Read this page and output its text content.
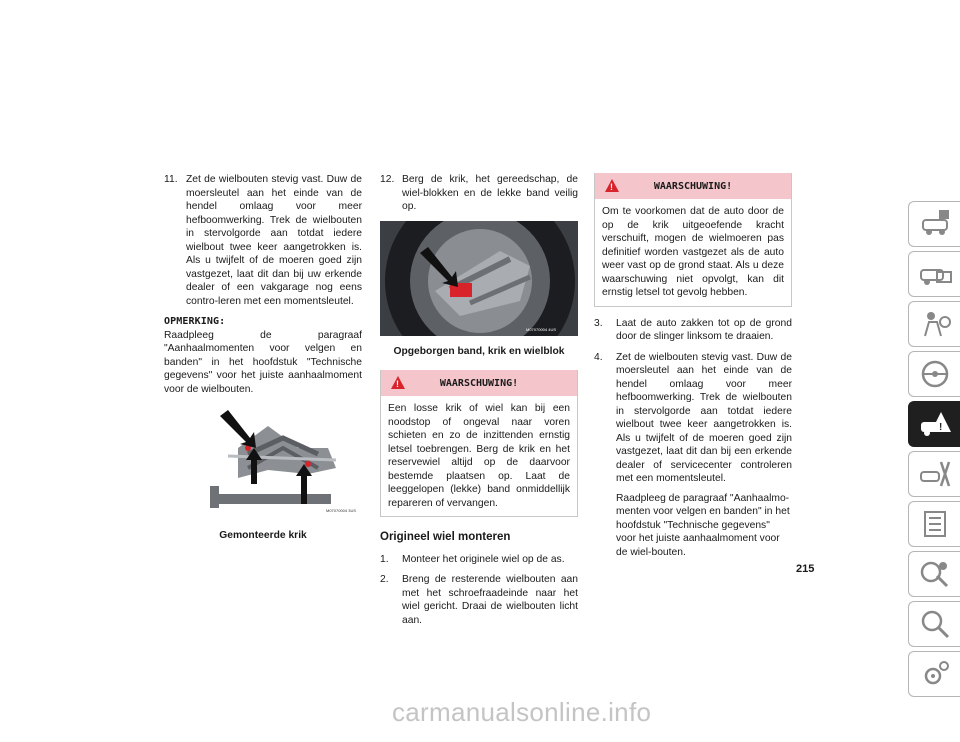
11. Zet de wielbouten stevig vast. Duw de moersleutel aan het einde van de hendel omlaag voor meer hefboomwerking. Trek de wielbouten in stervolgorde aan totdat iedere wielbout twee keer aangetrokken is. Als u twijfelt of de moeren goed zijn vastgezet, laat dit dan bij uw erkende dealer of een vakgarage nog eens contro-leren met een momentsleutel.
OPMERKING:
Raadpleeg de paragraaf "Aanhaalmomenten voor velgen en banden" in het hoofdstuk "Technische gegevens" voor het juiste aanhaalmoment voor de wielbouten.
M07070004 3US
Gemonteerde krik
12. Berg de krik, het gereedschap, de wiel-blokken en de lekke band veilig op.
M07070004 4US
Opgeborgen band, krik en wielblok
!	WAARSCHUWING!
Een losse krik of wiel kan bij een noodstop of ongeval naar voren schieten en zo de inzittenden ernstig letsel toebrengen. Berg de krik en het reservewiel altijd op de daarvoor bestemde plaatsen op. Laat de leeggelopen (lekke) band onmiddellijk repareren of vervangen.
Origineel wiel monteren
1. Monteer het originele wiel op de as.
2. Breng de resterende wielbouten aan met het schroefraadeinde naar het wiel gericht. Draai de wielbouten licht aan.
!	WAARSCHUWING!
Om te voorkomen dat de auto door de op de krik uitgeoefende kracht verschuift, mogen de wielmoeren pas definitief worden vastgezet als de auto weer vast op de grond staat. Als u deze waarschuwing niet opvolgt, kan dit ernstig letsel tot gevolg hebben.
3. Laat de auto zakken tot op de grond door de slinger linksom te draaien.
4. Zet de wielbouten stevig vast. Duw de moersleutel aan het einde van de hendel omlaag voor meer hefboomwerking. Trek de wielbouten in stervolgorde aan totdat iedere wielbout twee keer aangetrokken is. Als u twijfelt of de moeren goed zijn vastgezet, laat dit dan bij een erkende dealer of servicecenter controleren met een momentsleutel.
Raadpleeg de paragraaf "Aanhaalmo-menten voor velgen en banden" in het hoofdstuk "Technische gegevens" voor het juiste aanhaalmoment voor de wiel-bouten.
!
215
carmanualsonline.info
